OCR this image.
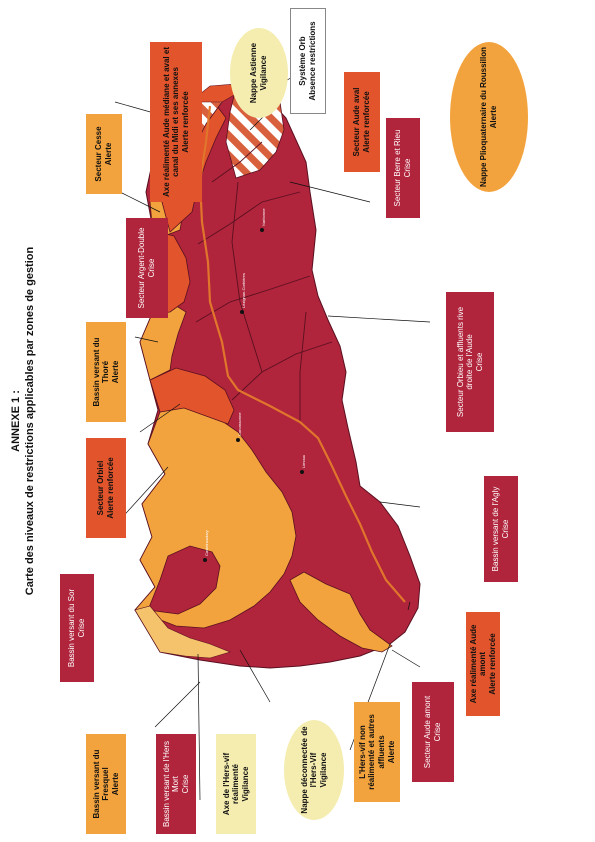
ANNEXE 1 : Carte des niveaux de restrictions applicables par zones de gestion	Castelnaudary
Carcassonne
Lézignan-Corbières
Narbonne
Limoux
Bassin versant du Fresquel Alerte	Bassin versant de l'Hers Mort Crise	Axe de l'Hers-vif réalimenté Vigilance	Nappe déconnectée de l'Hers-Vif Vigilance	L'Hers-vif non réalimenté et autres affluents Alerte	Secteur Aude amont Crise
Axe réalimenté Aude amont Alerte renforcée
Bassin versant du Sor Crise
Secteur Orbiel Alerte renforcée
Bassin versant du Thoré Alerte
Secteur Argent-Double Crise
Secteur Cesse Alerte	Axe réalimenté Aude médiane et aval et canal du Midi et ses annexes Alerte renforcée
Nappe Astienne Vigilance	Système Orb Absence restrictions
Secteur Aude aval Alerte renforcée
Secteur Berre et Rieu Crise	Nappe Plioquaternaire du Roussillon Alerte
Secteur Orbieu et affluents rive droite de l'Aude Crise
Bassin versant de l'Agly Crise
